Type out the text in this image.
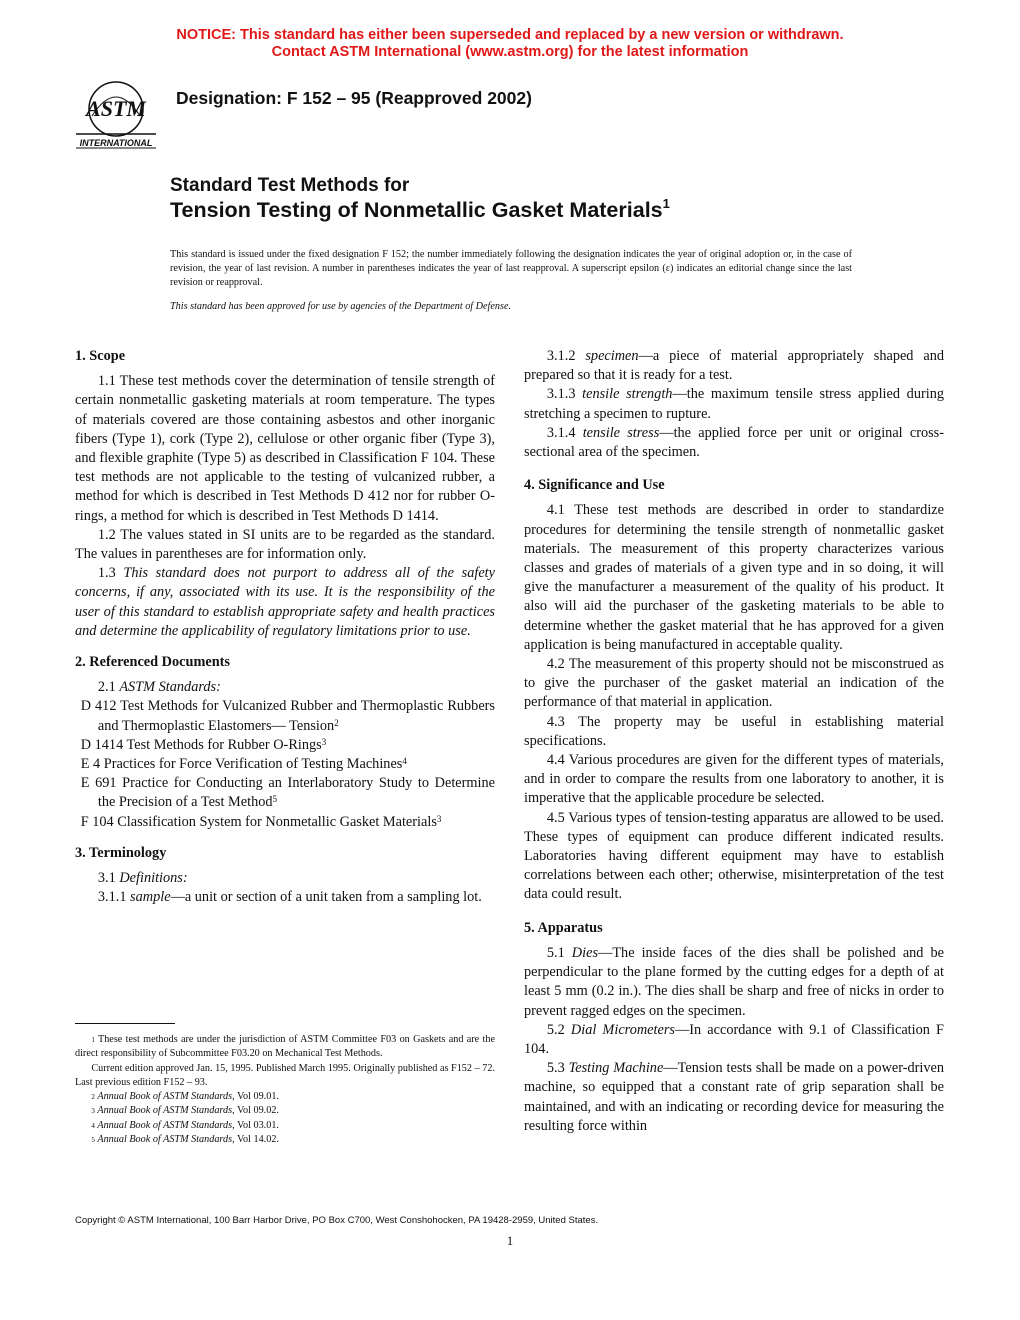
NOTICE: This standard has either been superseded and replaced by a new version or withdrawn.
Contact ASTM International (www.astm.org) for the latest information
ASTM
INTERNATIONAL
Designation: F 152 – 95 (Reapproved 2002)
Standard Test Methods for
Tension Testing of Nonmetallic Gasket Materials$^1$
This standard is issued under the fixed designation F 152; the number immediately following the designation indicates the year of original adoption or, in the case of revision, the year of last revision. A number in parentheses indicates the year of last reapproval. A superscript epsilon (ε) indicates an editorial change since the last revision or reapproval.
This standard has been approved for use by agencies of the Department of Defense.
1. Scope

1.1 These test methods cover the determination of tensile strength of certain nonmetallic gasketing materials at room temperature. The types of materials covered are those containing asbestos and other inorganic fibers (Type 1), cork (Type 2), cellulose or other organic fiber (Type 3), and flexible graphite (Type 5) as described in Classification F 104. These test methods are not applicable to the testing of vulcanized rubber, a method for which is described in Test Methods D 412 nor for rubber O-rings, a method for which is described in Test Methods D 1414.

1.2 The values stated in SI units are to be regarded as the standard. The values in parentheses are for information only.

1.3 This standard does not purport to address all of the safety concerns, if any, associated with its use. It is the responsibility of the user of this standard to establish appropriate safety and health practices and determine the applicability of regulatory limitations prior to use.

2. Referenced Documents

2.1 ASTM Standards:

D 412 Test Methods for Vulcanized Rubber and Thermoplastic Rubbers and Thermoplastic Elastomers— Tension$^2$

D 1414 Test Methods for Rubber O-Rings$^3$

E 4 Practices for Force Verification of Testing Machines$^4$

E 691 Practice for Conducting an Interlaboratory Study to Determine the Precision of a Test Method$^5$

F 104 Classification System for Nonmetallic Gasket Materials$^3$

3. Terminology

3.1 Definitions:

3.1.1 sample—a unit or section of a unit taken from a sampling lot.

3.1.2 specimen—a piece of material appropriately shaped and prepared so that it is ready for a test.

3.1.3 tensile strength—the maximum tensile stress applied during stretching a specimen to rupture.

3.1.4 tensile stress—the applied force per unit or original cross-sectional area of the specimen.

4. Significance and Use

4.1 These test methods are described in order to standardize procedures for determining the tensile strength of nonmetallic gasket materials. The measurement of this property characterizes various classes and grades of materials of a given type and in so doing, it will give the manufacturer a measurement of the quality of his product. It also will aid the purchaser of the gasketing materials to be able to determine whether the gasket material that he has approved for a given application is being manufactured in acceptable quality.

4.2 The measurement of this property should not be misconstrued as to give the purchaser of the gasket material an indication of the performance of that material in application.

4.3 The property may be useful in establishing material specifications.

4.4 Various procedures are given for the different types of materials, and in order to compare the results from one laboratory to another, it is imperative that the applicable procedure be selected.

4.5 Various types of tension-testing apparatus are allowed to be used. These types of equipment can produce different indicated results. Laboratories having different equipment may have to establish correlations between each other; otherwise, misinterpretation of the test data could result.

5. Apparatus

5.1 Dies—The inside faces of the dies shall be polished and be perpendicular to the plane formed by the cutting edges for a depth of at least 5 mm (0.2 in.). The dies shall be sharp and free of nicks in order to prevent ragged edges on the specimen.

5.2 Dial Micrometers—In accordance with 9.1 of Classification F 104.

5.3 Testing Machine—Tension tests shall be made on a power-driven machine, so equipped that a constant rate of grip separation shall be maintained, and with an indicating or recording device for measuring the resulting force within

$^1$ These test methods are under the jurisdiction of ASTM Committee F03 on Gaskets and are the direct responsibility of Subcommittee F03.20 on Mechanical Test Methods.

Current edition approved Jan. 15, 1995. Published March 1995. Originally published as F152 – 72. Last previous edition F152 – 93.

$^2$ Annual Book of ASTM Standards, Vol 09.01.

$^3$ Annual Book of ASTM Standards, Vol 09.02.

$^4$ Annual Book of ASTM Standards, Vol 03.01.

$^5$ Annual Book of ASTM Standards, Vol 14.02.

Copyright © ASTM International, 100 Barr Harbor Drive, PO Box C700, West Conshohocken, PA 19428-2959, United States.
1
